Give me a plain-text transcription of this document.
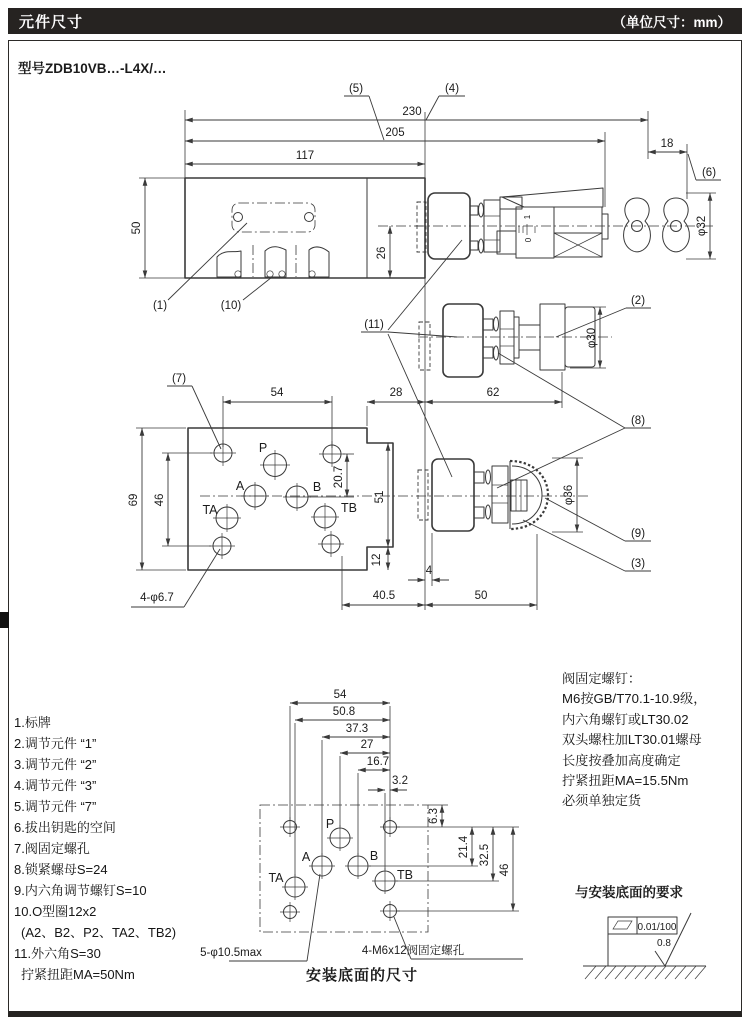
元件尺寸	（单位尺寸：mm）
型号ZDB10VB…-L4X/…
1
0
230
205
117
18
50
26
φ32
(5)	(4)
(6)
(1)	(10)
φ30
(2)
(11)
(8)
28	62
P
A	B
TA	TB
54
69 46
20.7
51
12
40.5	50
4
(7)
4-φ6.7
φ36
(9)
(3)
P
A	B
TA	TB
54
50.8
37.3
27
16.7
3.2
6.3
21.4 32.5
46
5-φ10.5max	4-M6x12阀固定螺孔
0.01/100
0.8
1.标牌
2.调节元件 “1”
3.调节元件 “2”
4.调节元件 “3”
5.调节元件 “7”
6.拔出钥匙的空间
7.阀固定螺孔
8.锁紧螺母S=24
9.内六角调节螺钉S=10
10.O型圈12x2
(A2、B2、P2、TA2、TB2)
11.外六角S=30
拧紧扭距MA=50Nm
阀固定螺钉：
M6按GB/T70.1-10.9级，
内六角螺钉或LT30.02
双头螺柱加LT30.01螺母
长度按叠加高度确定
拧紧扭距MA=15.5Nm
必须单独定货
与安装底面的要求
安装底面的尺寸
